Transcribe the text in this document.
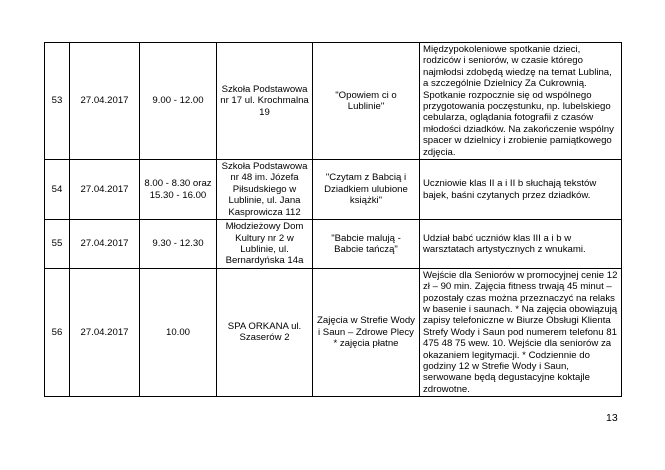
53	27.04.2017	9.00 - 12.00	Szkoła Podstawowa nr 17 ul. Krochmalna 19	"Opowiem ci o Lublinie"	Międzypokoleniowe spotkanie dzieci, rodziców i seniorów, w czasie którego najmłodsi zdobędą wiedzę na temat Lublina, a szczególnie Dzielnicy Za Cukrownią. Spotkanie rozpocznie się od wspólnego przygotowania poczęstunku, np. lubelskiego cebularza, oglądania fotografii z czasów młodości dziadków. Na zakończenie wspólny spacer w dzielnicy i zrobienie pamiątkowego zdjęcia.
54	27.04.2017	8.00 - 8.30 oraz 15.30 - 16.00	Szkoła Podstawowa nr 48 im. Józefa Piłsudskiego w Lublinie, ul. Jana Kasprowicza 112	"Czytam z Babcią i Dziadkiem ulubione książki"	Uczniowie klas II a i II b słuchają tekstów bajek, baśni czytanych przez dziadków.
55	27.04.2017	9.30 - 12.30	Młodzieżowy Dom Kultury nr 2 w Lublinie, ul. Bernardyńska 14a	"Babcie malują - Babcie tańczą"	Udział babć uczniów klas III a i b w warsztatach artystycznych z wnukami.
56	27.04.2017	10.00	SPA ORKANA ul. Szaserów 2	Zajęcia w Strefie Wody i Saun – Zdrowe Plecy * zajęcia płatne	Wejście dla Seniorów w promocyjnej cenie 12 zł – 90 min. Zajęcia fitness trwają 45 minut – pozostały czas można przeznaczyć na relaks w basenie i saunach. * Na zajęcia obowiązują zapisy telefoniczne w Biurze Obsługi Klienta Strefy Wody i Saun pod numerem telefonu 81 475 48 75 wew. 10. Wejście dla seniorów za okazaniem legitymacji. * Codziennie do godziny 12 w Strefie Wody i Saun, serwowane będą degustacyjne koktajle zdrowotne.
13
